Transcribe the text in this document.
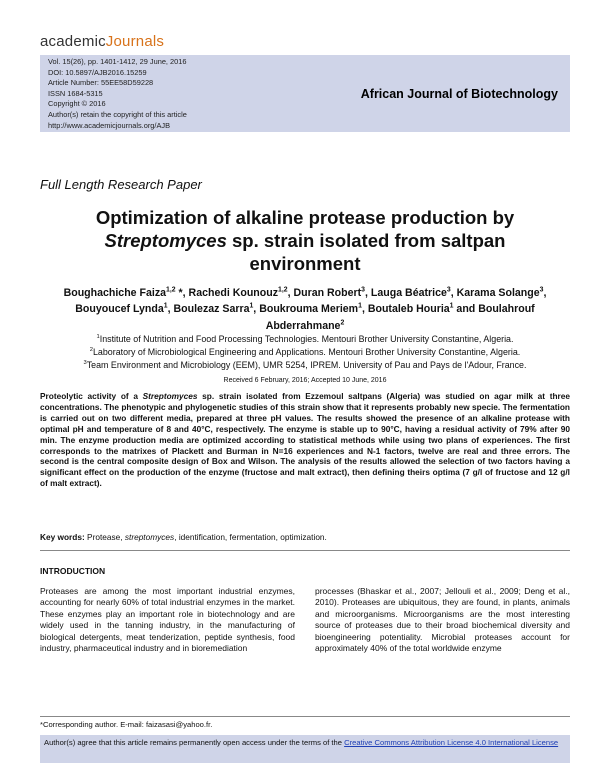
academicJournals
Vol. 15(26), pp. 1401-1412, 29 June, 2016
DOI: 10.5897/AJB2016.15259
Article Number: 55EE58D59228
ISSN 1684-5315
Copyright © 2016
Author(s) retain the copyright of this article
http://www.academicjournals.org/AJB
African Journal of Biotechnology
Full Length Research Paper
Optimization of alkaline protease production by
Streptomyces sp. strain isolated from saltpan
environment
Boughachiche Faiza$^{1,2}$ *, Rachedi Kounouz$^{1,2}$, Duran Robert$^3$, Lauga Béatrice$^3$, Karama Solange$^3$, Bouyoucef Lynda$^1$, Boulezaz Sarra$^1$, Boukrouma Meriem$^1$, Boutaleb Houria$^1$ and Boulahrouf Abderrahmane$^2$
$^1$Institute of Nutrition and Food Processing Technologies. Mentouri Brother University Constantine, Algeria.
$^2$Laboratory of Microbiological Engineering and Applications. Mentouri Brother University Constantine, Algeria.
$^3$Team Environment and Microbiology (EEM), UMR 5254, IPREM. University of Pau and Pays de l'Adour, France.
Received 6 February, 2016; Accepted 10 June, 2016
Proteolytic activity of a Streptomyces sp. strain isolated from Ezzemoul saltpans (Algeria) was studied on agar milk at three concentrations. The phenotypic and phylogenetic studies of this strain show that it represents probably new specie. The fermentation is carried out on two different media, prepared at three pH values. The results showed the presence of an alkaline protease with optimal pH and temperature of 8 and 40°C, respectively. The enzyme is stable up to 90°C, having a residual activity of 79% after 90 min. The enzyme production media are optimized according to statistical methods while using two plans of experiences. The first corresponds to the matrixes of Plackett and Burman in N=16 experiences and N-1 factors, twelve are real and three errors. The second is the central composite design of Box and Wilson. The analysis of the results allowed the selection of two factors having a significant effect on the production of the enzyme (fructose and malt extract), then defining theirs optima (7 g/l of fructose and 12 g/l of malt extract).
Key words: Protease, streptomyces, identification, fermentation, optimization.
INTRODUCTION
Proteases are among the most important industrial enzymes, accounting for nearly 60% of total industrial enzymes in the market. These enzymes play an important role in biotechnology and are widely used in the tanning industry, in the manufacturing of biological detergents, meat tenderization, peptide synthesis, food industry, pharmaceutical industry and in bioremediation
processes (Bhaskar et al., 2007; Jellouli et al., 2009; Deng et al., 2010). Proteases are ubiquitous, they are found, in plants, animals and microorganisms. Microorganisms are the most interesting source of proteases due to their broad biochemical diversity and bioengineering potentiality. Microbial proteases account for approximately 40% of the total worldwide enzyme
*Corresponding author. E-mail: faizasasi@yahoo.fr.
Author(s) agree that this article remains permanently open access under the terms of the Creative Commons Attribution License 4.0 International License
